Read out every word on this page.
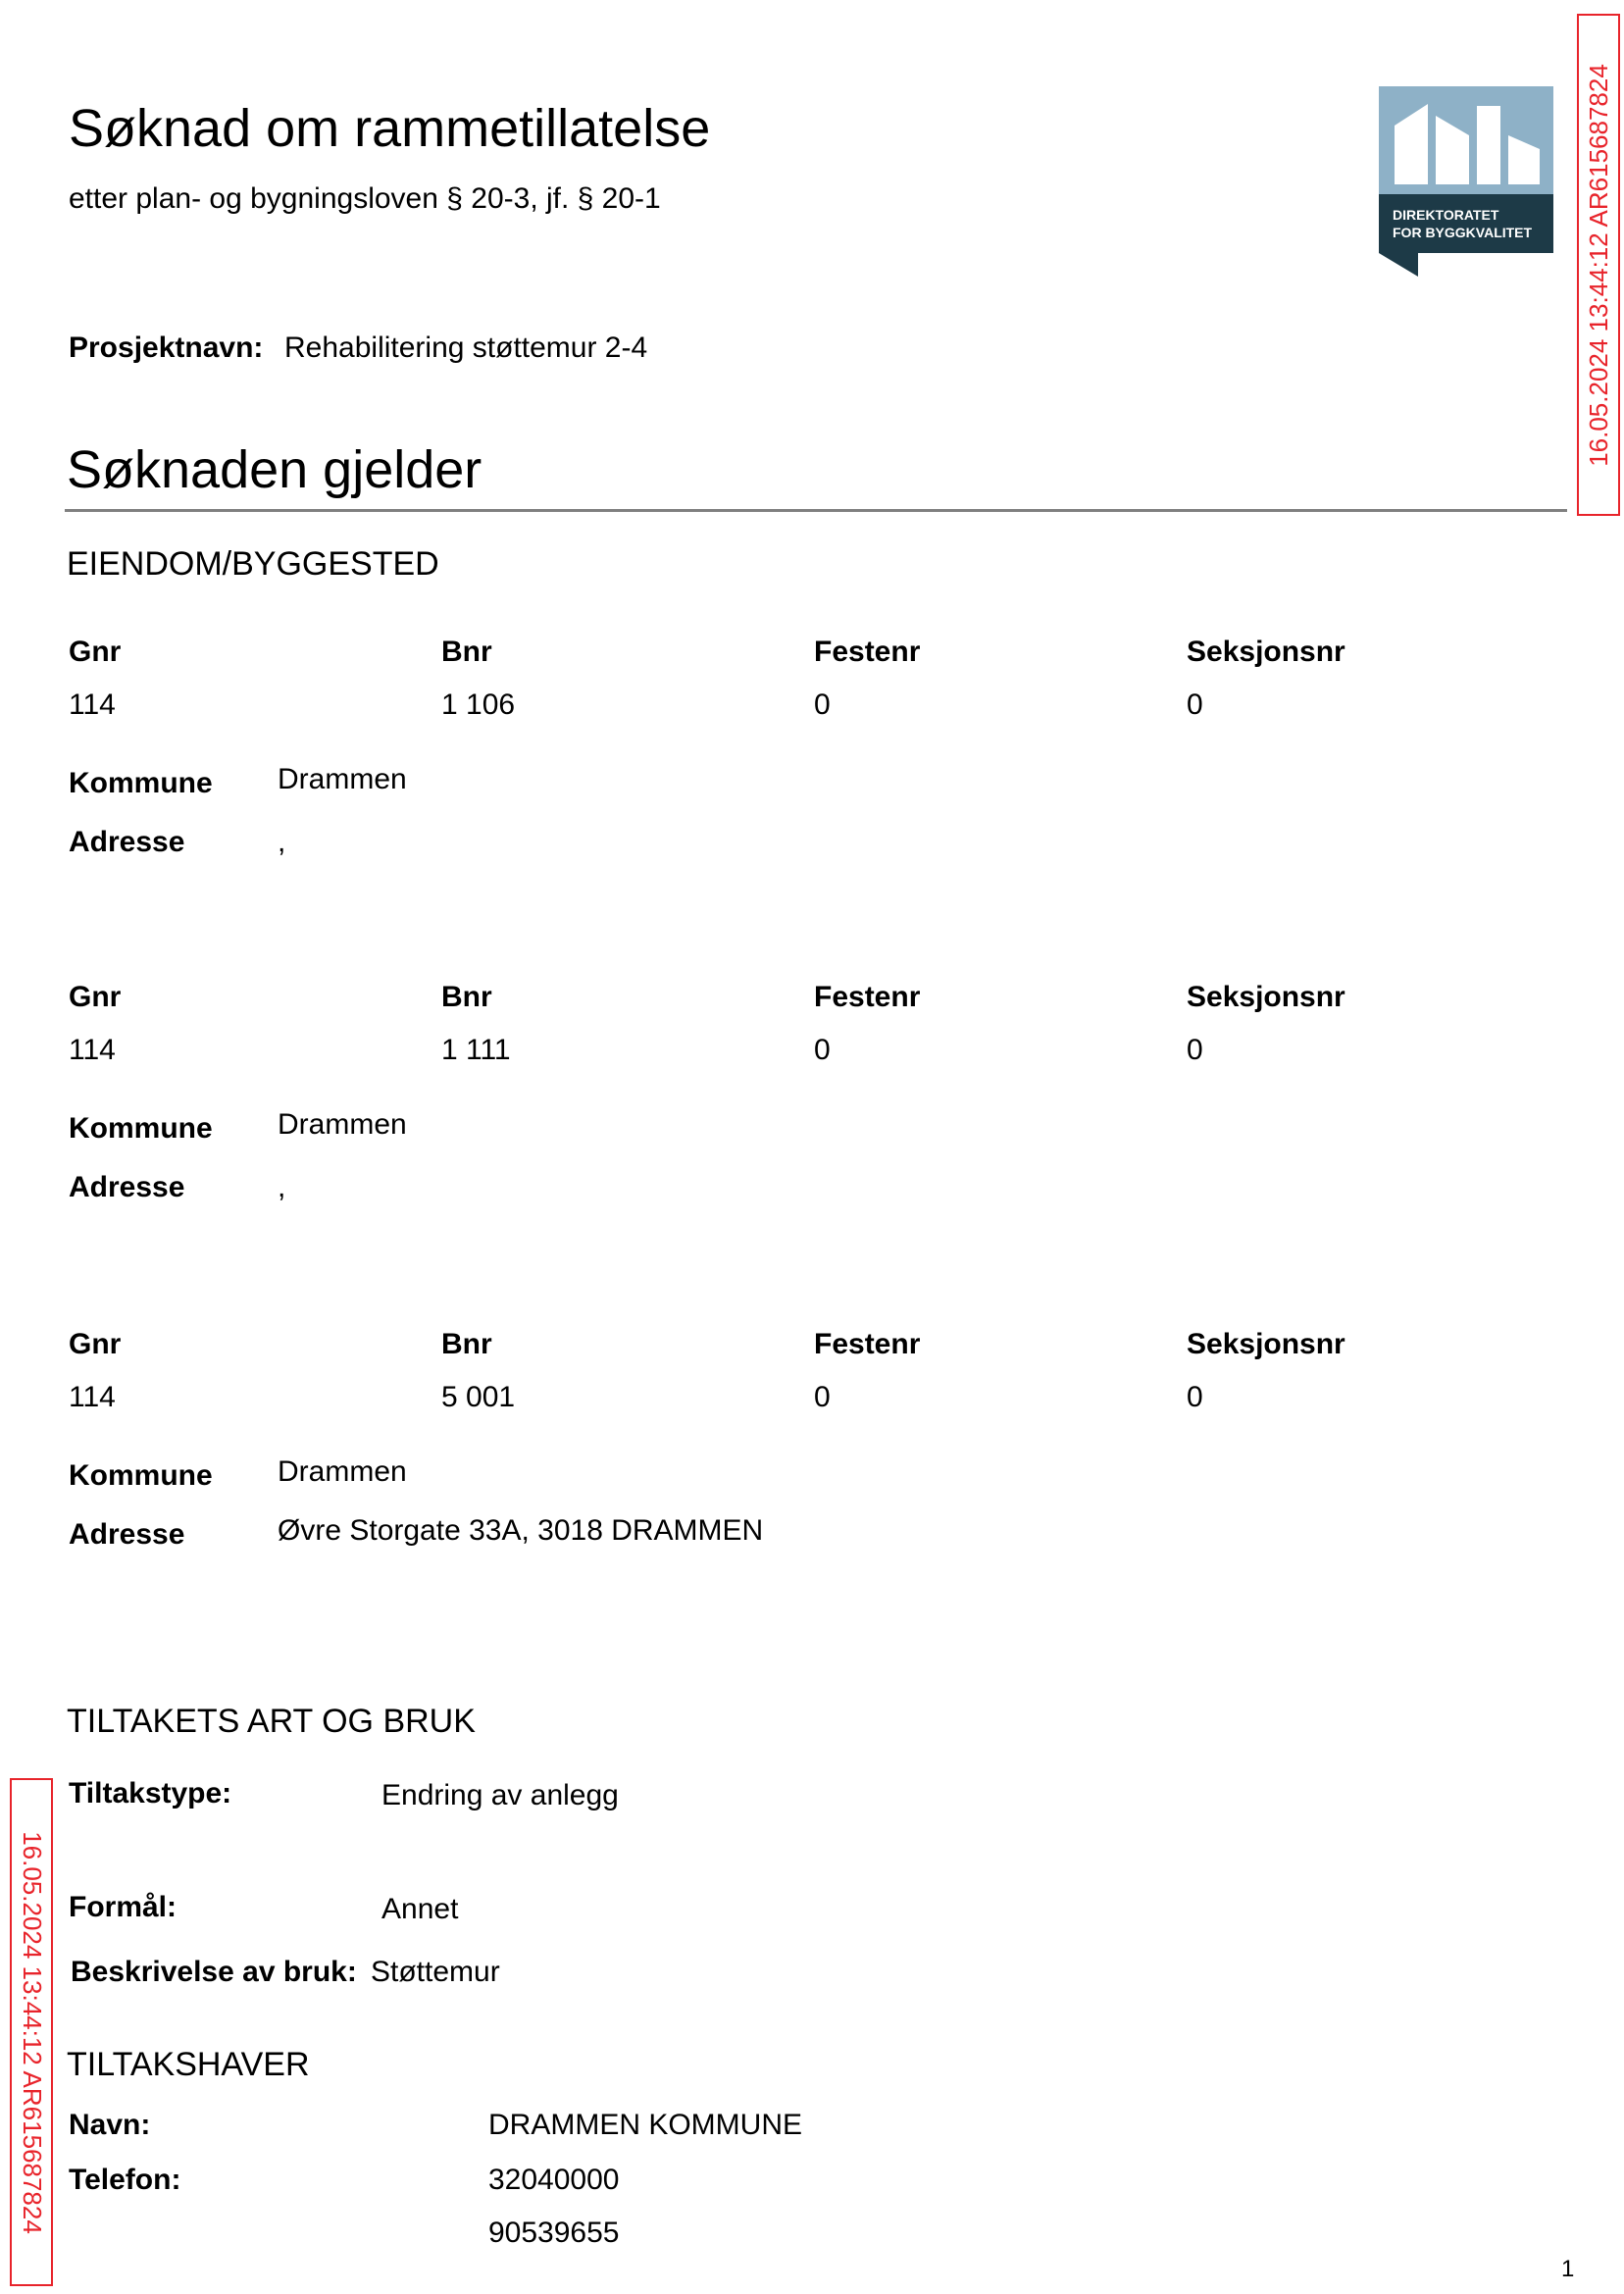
Søknad om rammetillatelse
etter plan- og bygningsloven § 20-3, jf. § 20-1	DIREKTORATET
FOR BYGGKVALITET 16.05.2024 13:44:12 AR615687824
Prosjektnavn: Rehabilitering støttemur 2-4
Søknaden gjelder
EIENDOM/BYGGESTED
Gnr	Bnr	Festenr	Seksjonsnr
114	1 106	0	0
Kommune Drammen
Adresse	,
Gnr	Bnr	Festenr	Seksjonsnr
114	1 111	0	0
Kommune Drammen
Adresse	,
Gnr	Bnr	Festenr	Seksjonsnr
114	5 001	0	0
Kommune Drammen
Adresse	Øvre Storgate 33A, 3018 DRAMMEN
TILTAKETS ART OG BRUK
Tiltakstype:	Endring av anlegg
Formål:	Annet
Beskrivelse av bruk: Støttemur
16.05.2024 13:44:12 AR615687824 TILTAKSHAVER
Navn:	DRAMMEN KOMMUNE
Telefon:	32040000
90539655
1
